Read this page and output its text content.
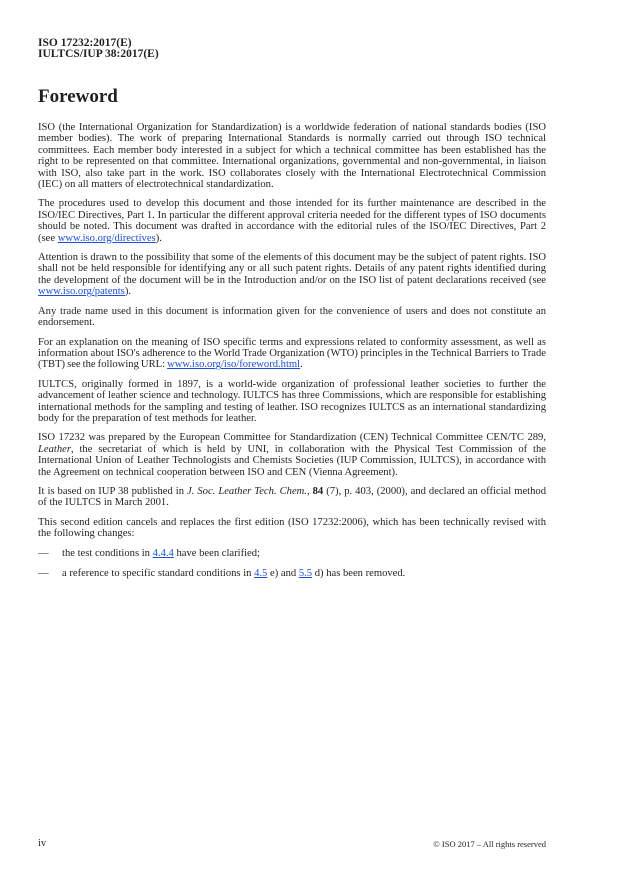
ISO 17232:2017(E)
IULTCS/IUP 38:2017(E)
Foreword

ISO (the International Organization for Standardization) is a worldwide federation of national standards bodies (ISO member bodies). The work of preparing International Standards is normally carried out through ISO technical committees. Each member body interested in a subject for which a technical committee has been established has the right to be represented on that committee. International organizations, governmental and non-governmental, in liaison with ISO, also take part in the work. ISO collaborates closely with the International Electrotechnical Commission (IEC) on all matters of electrotechnical standardization.

The procedures used to develop this document and those intended for its further maintenance are described in the ISO/IEC Directives, Part 1. In particular the different approval criteria needed for the different types of ISO documents should be noted. This document was drafted in accordance with the editorial rules of the ISO/IEC Directives, Part 2 (see www.iso.org/directives).

Attention is drawn to the possibility that some of the elements of this document may be the subject of patent rights. ISO shall not be held responsible for identifying any or all such patent rights. Details of any patent rights identified during the development of the document will be in the Introduction and/or on the ISO list of patent declarations received (see www.iso.org/patents).

Any trade name used in this document is information given for the convenience of users and does not constitute an endorsement.

For an explanation on the meaning of ISO specific terms and expressions related to conformity assessment, as well as information about ISO's adherence to the World Trade Organization (WTO) principles in the Technical Barriers to Trade (TBT) see the following URL: www.iso.org/iso/foreword.html.

IULTCS, originally formed in 1897, is a world-wide organization of professional leather societies to further the advancement of leather science and technology. IULTCS has three Commissions, which are responsible for establishing international methods for the sampling and testing of leather. ISO recognizes IULTCS as an international standardizing body for the preparation of test methods for leather.

ISO 17232 was prepared by the European Committee for Standardization (CEN) Technical Committee CEN/TC 289, Leather, the secretariat of which is held by UNI, in collaboration with the Physical Test Commission of the International Union of Leather Technologists and Chemists Societies (IUP Commission, IULTCS), in accordance with the Agreement on technical cooperation between ISO and CEN (Vienna Agreement).

It is based on IUP 38 published in J. Soc. Leather Tech. Chem., 84 (7), p. 403, (2000), and declared an official method of the IULTCS in March 2001.

This second edition cancels and replaces the first edition (ISO 17232:2006), which has been technically revised with the following changes:

—	the test conditions in 4.4.4 have been clarified;
—	a reference to specific standard conditions in 4.5 e) and 5.5 d) has been removed.
iv	© ISO 2017 – All rights reserved
